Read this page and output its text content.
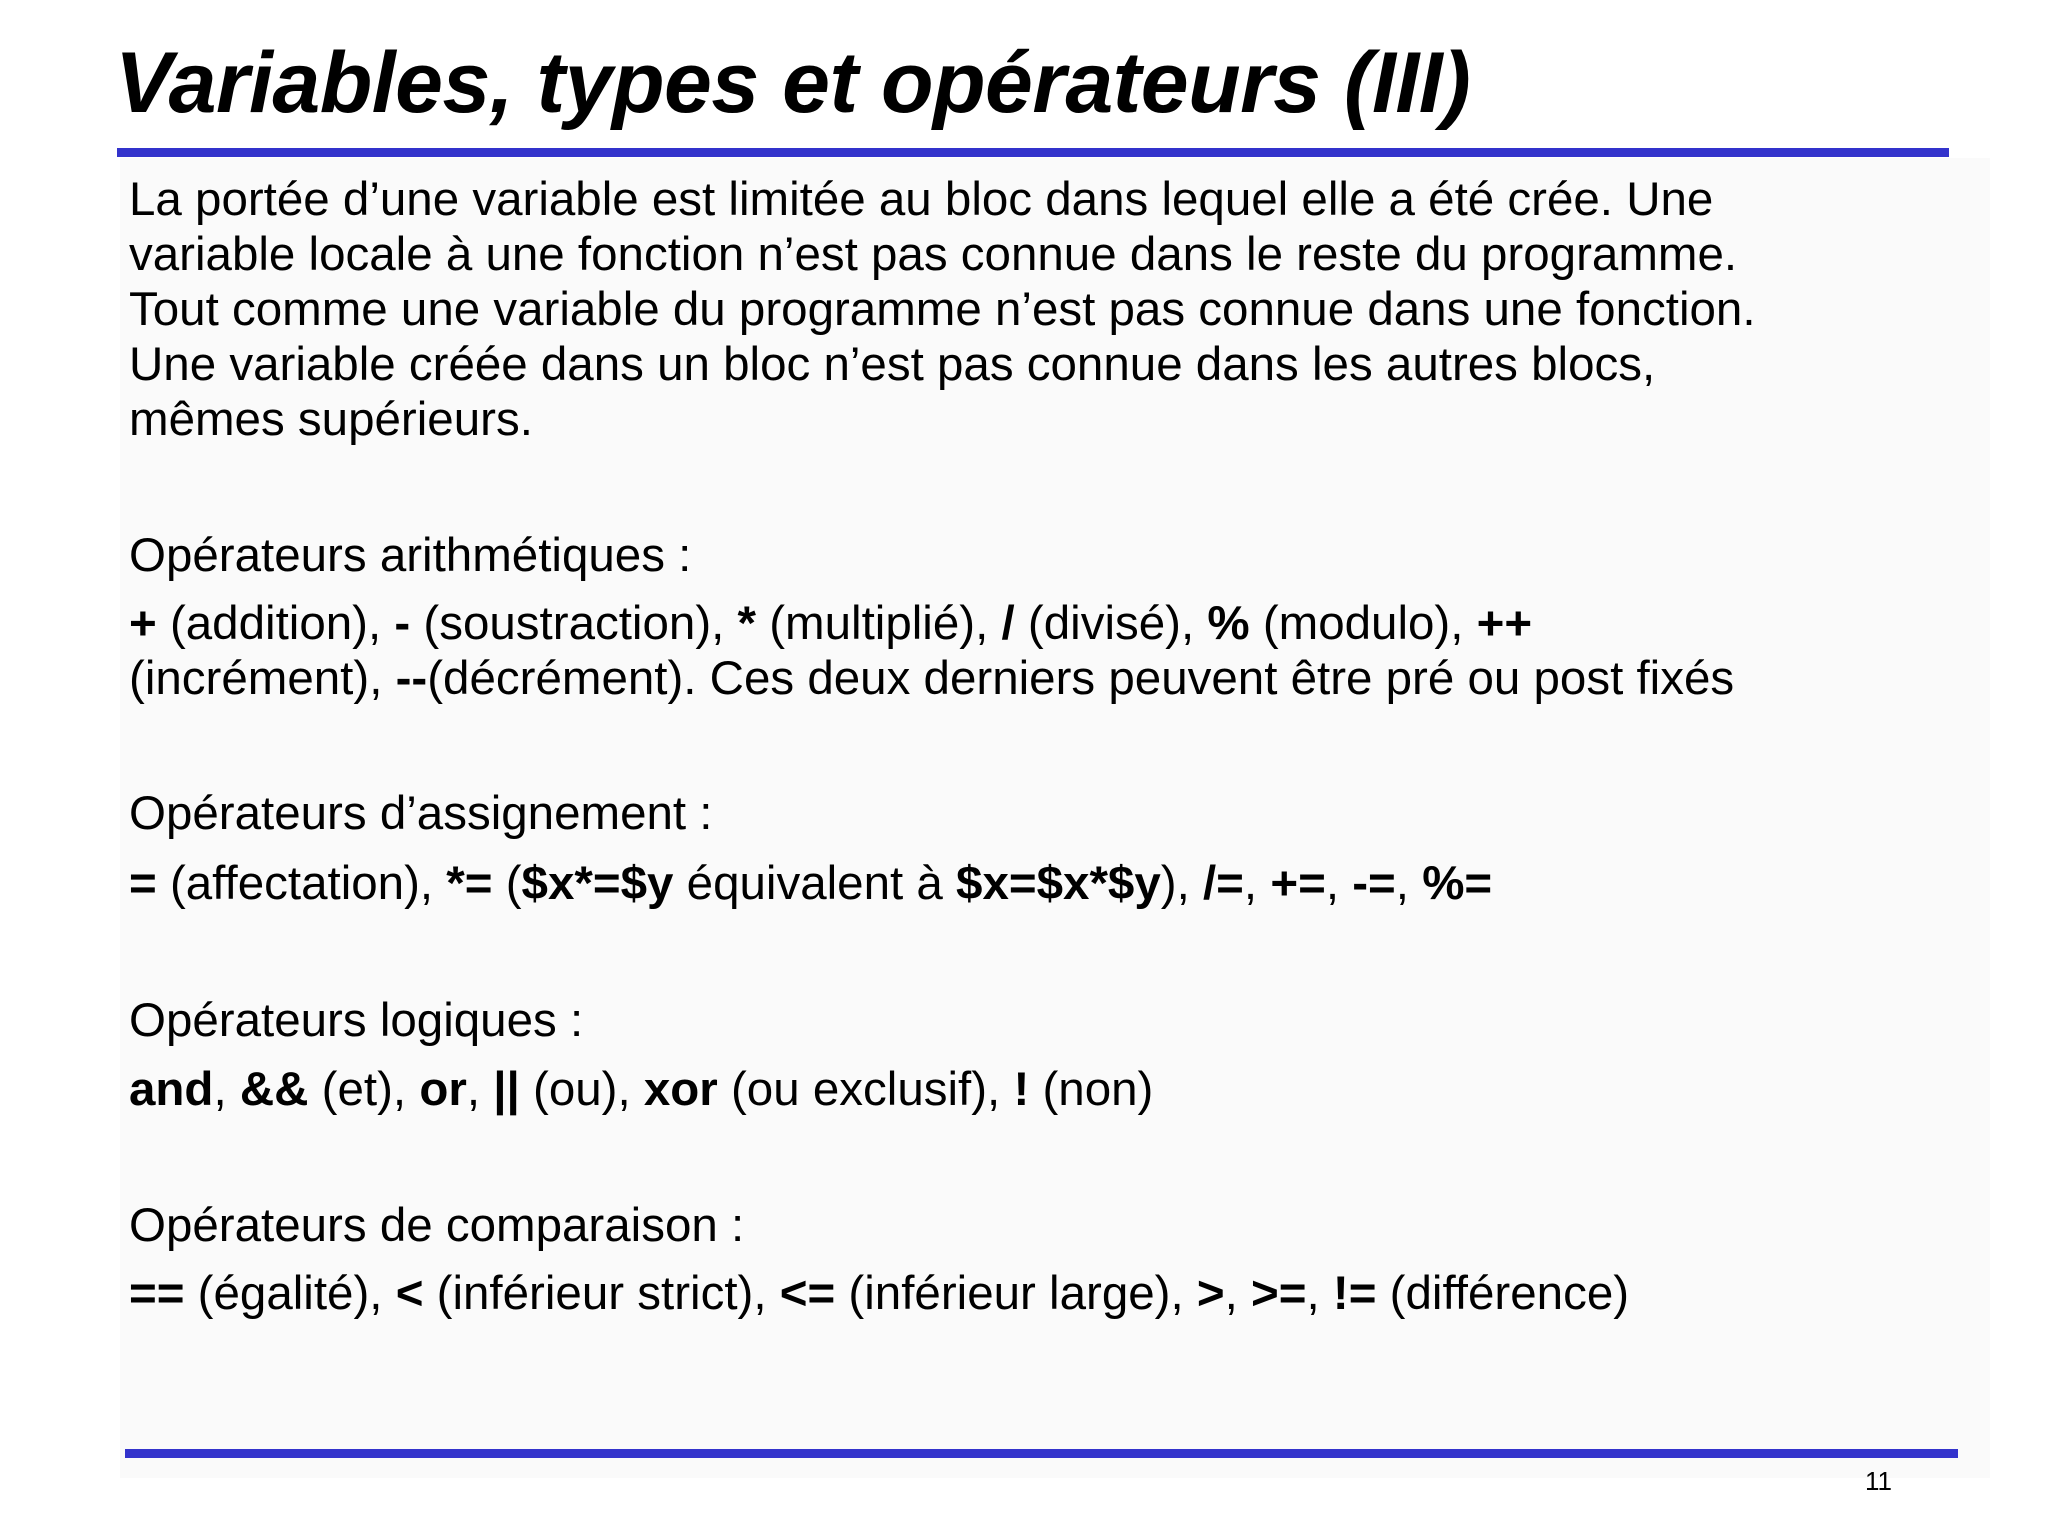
Variables, types et opérateurs (III)
La portée d’une variable est limitée au bloc dans lequel elle a été crée. Une
variable locale à une fonction n’est pas connue dans le reste du programme.
Tout comme une variable du programme n’est pas connue dans une fonction.
Une variable créée dans un bloc n’est pas connue dans les autres blocs,
mêmes supérieurs.
Opérateurs arithmétiques :
+ (addition), - (soustraction), * (multiplié), / (divisé), % (modulo), ++
(incrément), --(décrément). Ces deux derniers peuvent être pré ou post fixés
Opérateurs d’assignement :
= (affectation), *= ($x*=$y équivalent à $x=$x*$y), /=, +=, -=, %=
Opérateurs logiques :
and, && (et), or, || (ou), xor (ou exclusif), ! (non)
Opérateurs de comparaison :
== (égalité), < (inférieur strict), <= (inférieur large), >, >=, != (différence)
11
